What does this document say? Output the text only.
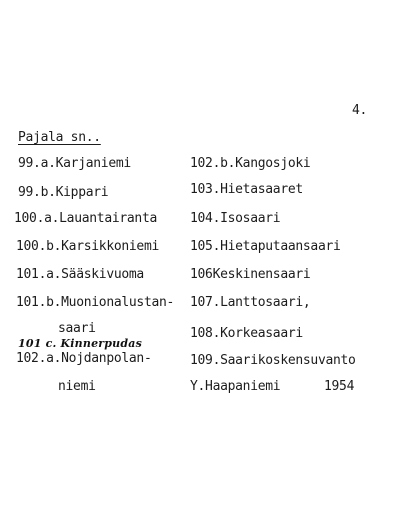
4.
Pajala sn..
99.a.Karjaniemi
99.b.Kippari
100.a.Lauantairanta
100.b.Karsikkoniemi
101.a.Sääskivuoma
101.b.Muonionalustan-
saari
101 c. Kinnerpudas
102.a.Nojdanpolan-
niemi
102.b.Kangosjoki
103.Hietasaaret
104.Isosaari
105.Hietaputaansaari
106Keskinensaari
107.Lanttosaari,
108.Korkeasaari
109.Saarikoskensuvanto
Y.Haapaniemi	1954
